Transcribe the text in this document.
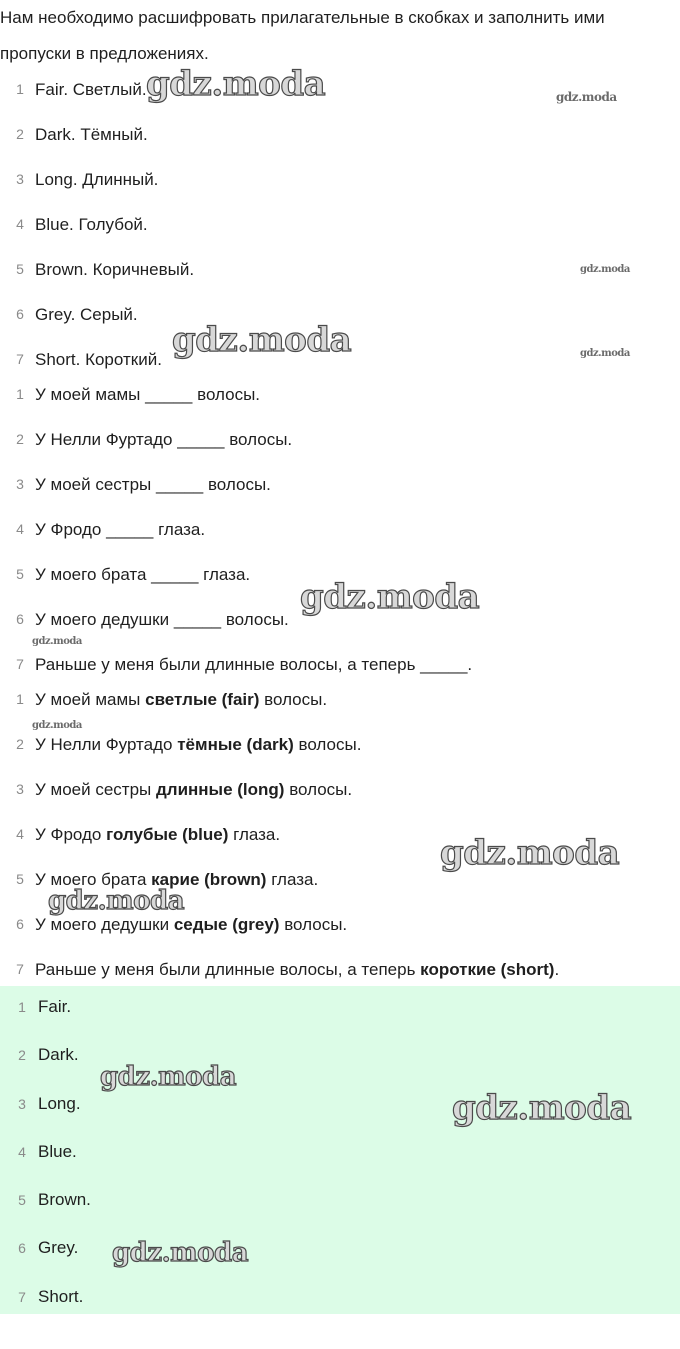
Нам необходимо расшифровать прилагательные в скобках и заполнить ими пропуски в предложениях.

1 Fair. Светлый.
2 Dark. Тёмный.
3 Long. Длинный.
4 Blue. Голубой.
5 Brown. Коричневый.
6 Grey. Серый.
7 Short. Короткий.
1 У моей мамы _____ волосы.
2 У Нелли Фуртадо _____ волосы.
3 У моей сестры _____ волосы.
4 У Фродо _____ глаза.
5 У моего брата _____ глаза.
6 У моего дедушки _____ волосы.
7 Раньше у меня были длинные волосы, а теперь _____.
1 У моей мамы светлые (fair) волосы.
2 У Нелли Фуртадо тёмные (dark) волосы.
3 У моей сестры длинные (long) волосы.
4 У Фродо голубые (blue) глаза.
5 У моего брата карие (brown) глаза.
6 У моего дедушки седые (grey) волосы.
7 Раньше у меня были длинные волосы, а теперь короткие (short).
1 Fair.
2 Dark.
3 Long.
4 Blue.
5 Brown.
6 Grey.
7 Short.
gdz.moda	gdz.moda
gdz.moda
gdz.moda	gdz.moda
gdz.moda
gdz.moda
gdz.moda
gdz.moda
gdz.moda
gdz.moda
gdz.moda
gdz.moda
